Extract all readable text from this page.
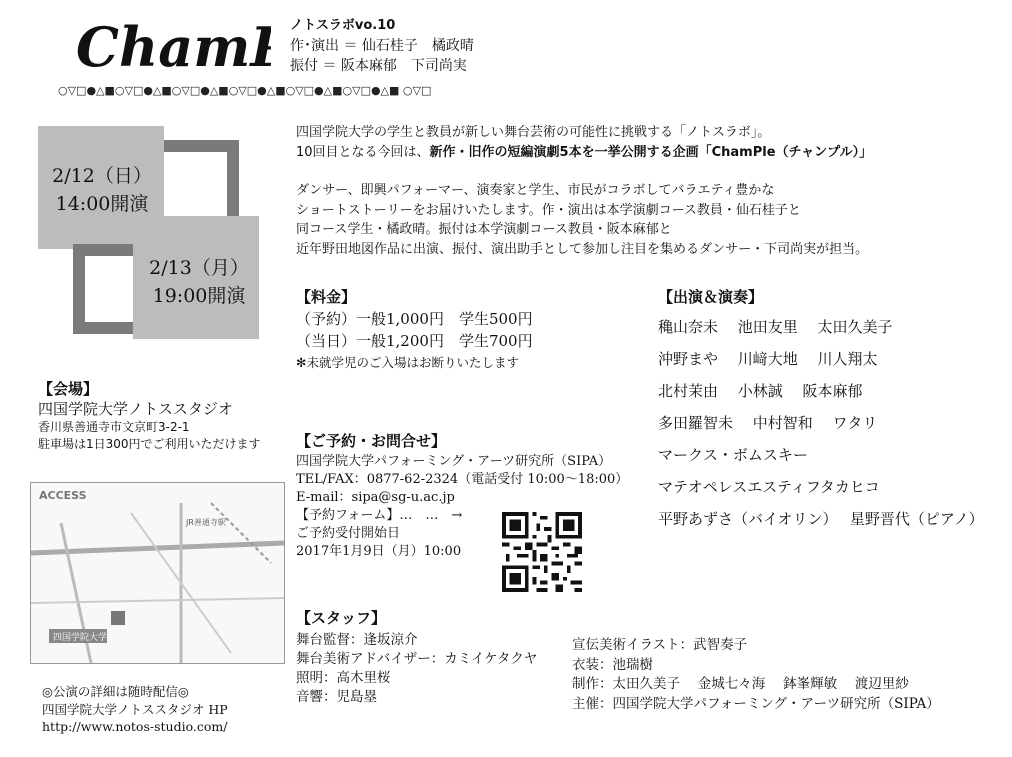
Cham	ノトスラボvo.10
作･演出 ＝ 仙石桂子　橘政晴
振付 ＝ 阪本麻郁　下司尚実
○▽□●△■○▽□●△■○▽□●△■○▽□●△■○▽□●△■○▽□●△■ ○▽□
四国学院大学の学生と教員が新しい舞台芸術の可能性に挑戦する「ノトスラボ」。
10回目となる今回は、新作・旧作の短編演劇5本を一挙公開する企画「ChamPle（チャンプル）」
ダンサー、即興パフォーマー、演奏家と学生、市民がコラボしてバラエティ豊かな
ショートストーリーをお届けいたします。作・演出は本学演劇コース教員・仙石桂子と
同コース学生・橘政晴。振付は本学演劇コース教員・阪本麻郁と
近年野田地図作品に出演、振付、演出助手として参加し注目を集めるダンサー・下司尚実が担当。
2/12（日）
14:00開演
2/13（月）
19:00開演	【料金】
（予約）一般1,000円　学生500円
（当日）一般1,200円　学生700円
✻未就学児のご入場はお断りいたします
【出演＆演奏】
穐山奈未　 池田友里　 太田久美子
沖野まや　 川﨑大地　 川人翔太
北村茉由　 小林誠　 阪本麻郁
多田羅智未　 中村智和　 ワタリ
マークス・ボムスキー
マテオペレスエスティフタカヒコ
平野あずさ（バイオリン）　 星野晋代（ピアノ）
【会場】
四国学院大学ノトススタジオ
香川県善通寺市文京町3-2-1
駐車場は1日300円でご利用いただけます
ACCESS
四国学院大学
JR善通寺駅
【ご予約・お問合せ】
四国学院大学パフォーミング・アーツ研究所（SIPA）
TEL/FAX：0877-62-2324（電話受付 10:00〜18:00）
E-mail：sipa@sg-u.ac.jp
【予約フォーム】…　…　→
ご予約受付開始日
2017年1月9日（月）10:00
◎公演の詳細は随時配信◎
四国学院大学ノトススタジオ HP
http://www.notos-studio.com/
【スタッフ】
舞台監督：逢坂涼介
舞台美術アドバイザー：カミイケタクヤ
照明：高木里桜
音響：児島塁
宣伝美術イラスト：武智奏子
衣装：池瑞樹
制作：太田久美子　 金城七々海　 鉢峯輝敏　 渡辺里紗
主催：四国学院大学パフォーミング・アーツ研究所（SIPA）
